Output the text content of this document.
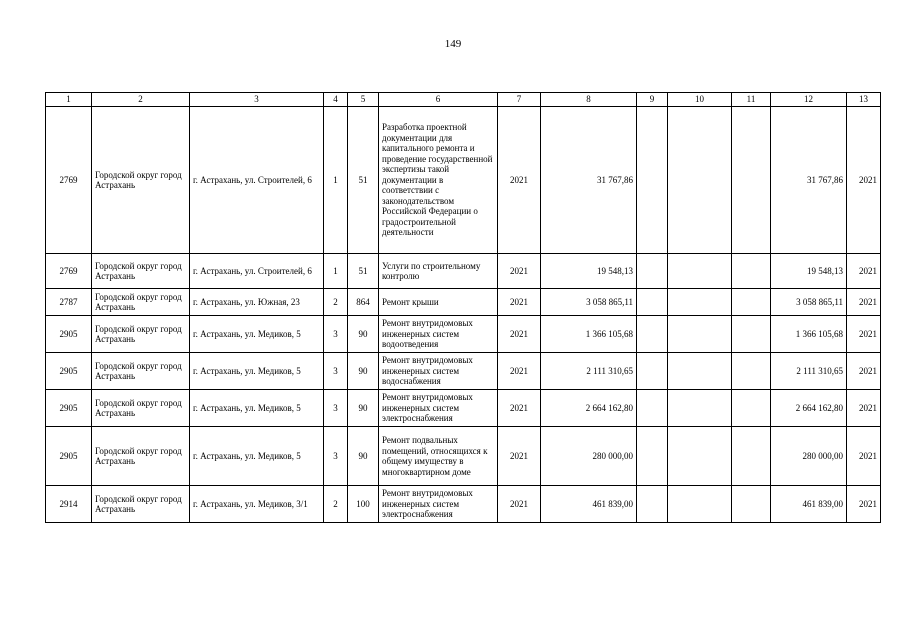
149
1	2	3	4	5	6	7	8	9	10	11	12	13
2769	Городской округ город Астрахань	г. Астрахань, ул. Строителей, 6	1	51	Разработка проектной документации для капитального ремонта и проведение государственной экспертизы такой документации в соответствии с законодательством Российской Федерации о градостроительной деятельности	2021	31 767,86				31 767,86	2021
2769	Городской округ город Астрахань	г. Астрахань, ул. Строителей, 6	1	51	Услуги по строительному контролю	2021	19 548,13				19 548,13	2021
2787	Городской округ город Астрахань	г. Астрахань, ул. Южная, 23	2	864	Ремонт крыши	2021	3 058 865,11				3 058 865,11	2021
2905	Городской округ город Астрахань	г. Астрахань, ул. Медиков, 5	3	90	Ремонт внутридомовых инженерных систем водоотведения	2021	1 366 105,68				1 366 105,68	2021
2905	Городской округ город Астрахань	г. Астрахань, ул. Медиков, 5	3	90	Ремонт внутридомовых инженерных систем водоснабжения	2021	2 111 310,65				2 111 310,65	2021
2905	Городской округ город Астрахань	г. Астрахань, ул. Медиков, 5	3	90	Ремонт внутридомовых инженерных систем электроснабжения	2021	2 664 162,80				2 664 162,80	2021
2905	Городской округ город Астрахань	г. Астрахань, ул. Медиков, 5	3	90	Ремонт подвальных помещений, относящихся к общему имуществу в многоквартирном доме	2021	280 000,00				280 000,00	2021
2914	Городской округ город Астрахань	г. Астрахань, ул. Медиков, 3/1	2	100	Ремонт внутридомовых инженерных систем электроснабжения	2021	461 839,00				461 839,00	2021
